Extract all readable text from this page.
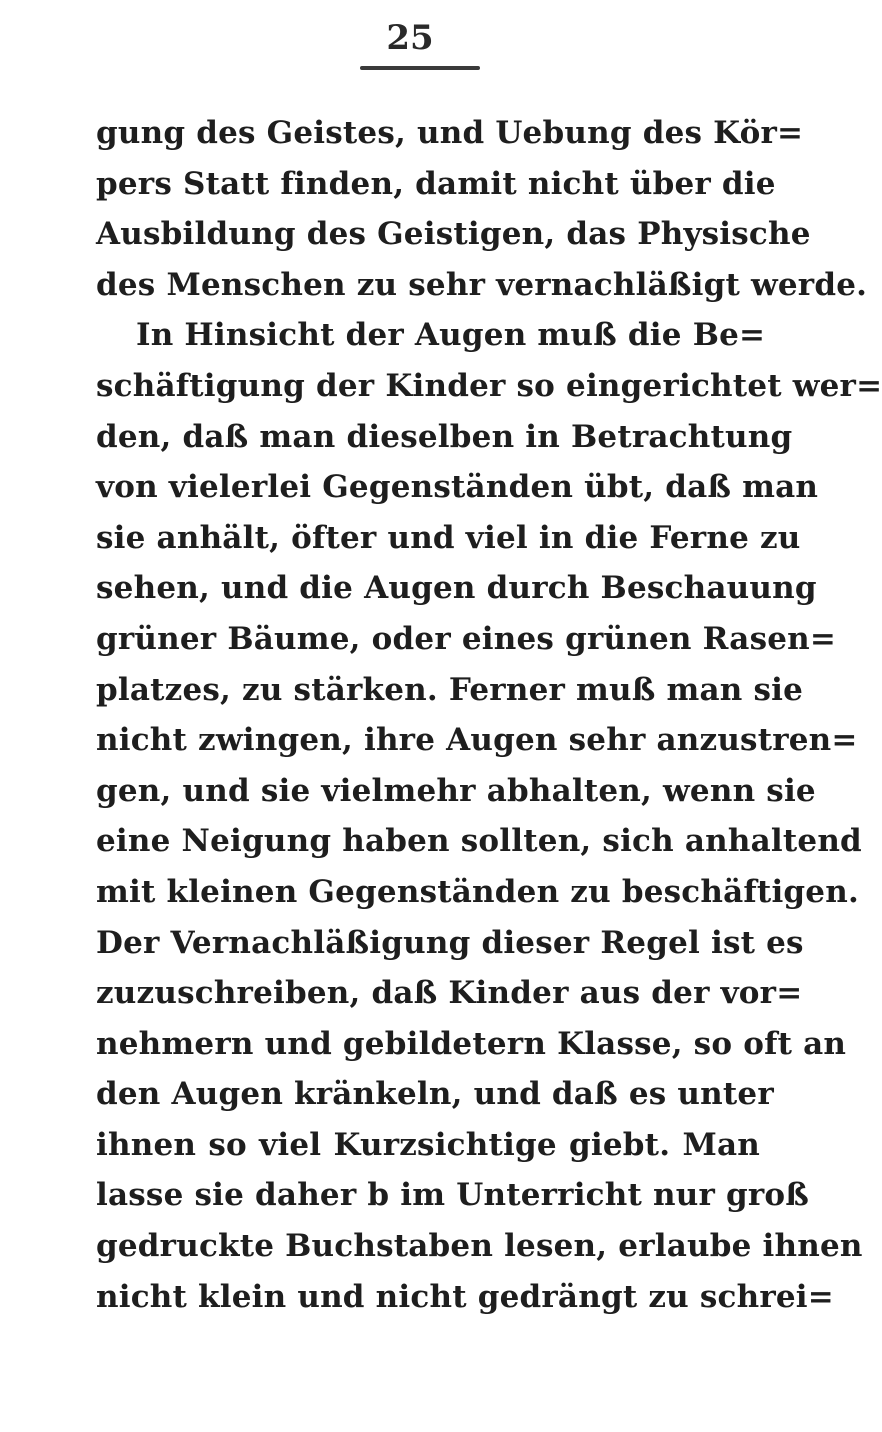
25
gung des Geistes, und Uebung des Kör=
pers Statt finden, damit nicht über die
Ausbildung des Geistigen, das Physische
des Menschen zu sehr vernachläßigt werde.
In Hinsicht der Augen muß die Be=
schäftigung der Kinder so eingerichtet wer=
den, daß man dieselben in Betrachtung
von vielerlei Gegenständen übt, daß man
sie anhält, öfter und viel in die Ferne zu
sehen, und die Augen durch Beschauung
grüner Bäume, oder eines grünen Rasen=
platzes, zu stärken. Ferner muß man sie
nicht zwingen, ihre Augen sehr anzustren=
gen, und sie vielmehr abhalten, wenn sie
eine Neigung haben sollten, sich anhaltend
mit kleinen Gegenständen zu beschäftigen.
Der Vernachläßigung dieser Regel ist es
zuzuschreiben, daß Kinder aus der vor=
nehmern und gebildetern Klasse, so oft an
den Augen kränkeln, und daß es unter
ihnen so viel Kurzsichtige giebt. Man
lasse sie daher b im Unterricht nur groß
gedruckte Buchstaben lesen, erlaube ihnen
nicht klein und nicht gedrängt zu schrei=
